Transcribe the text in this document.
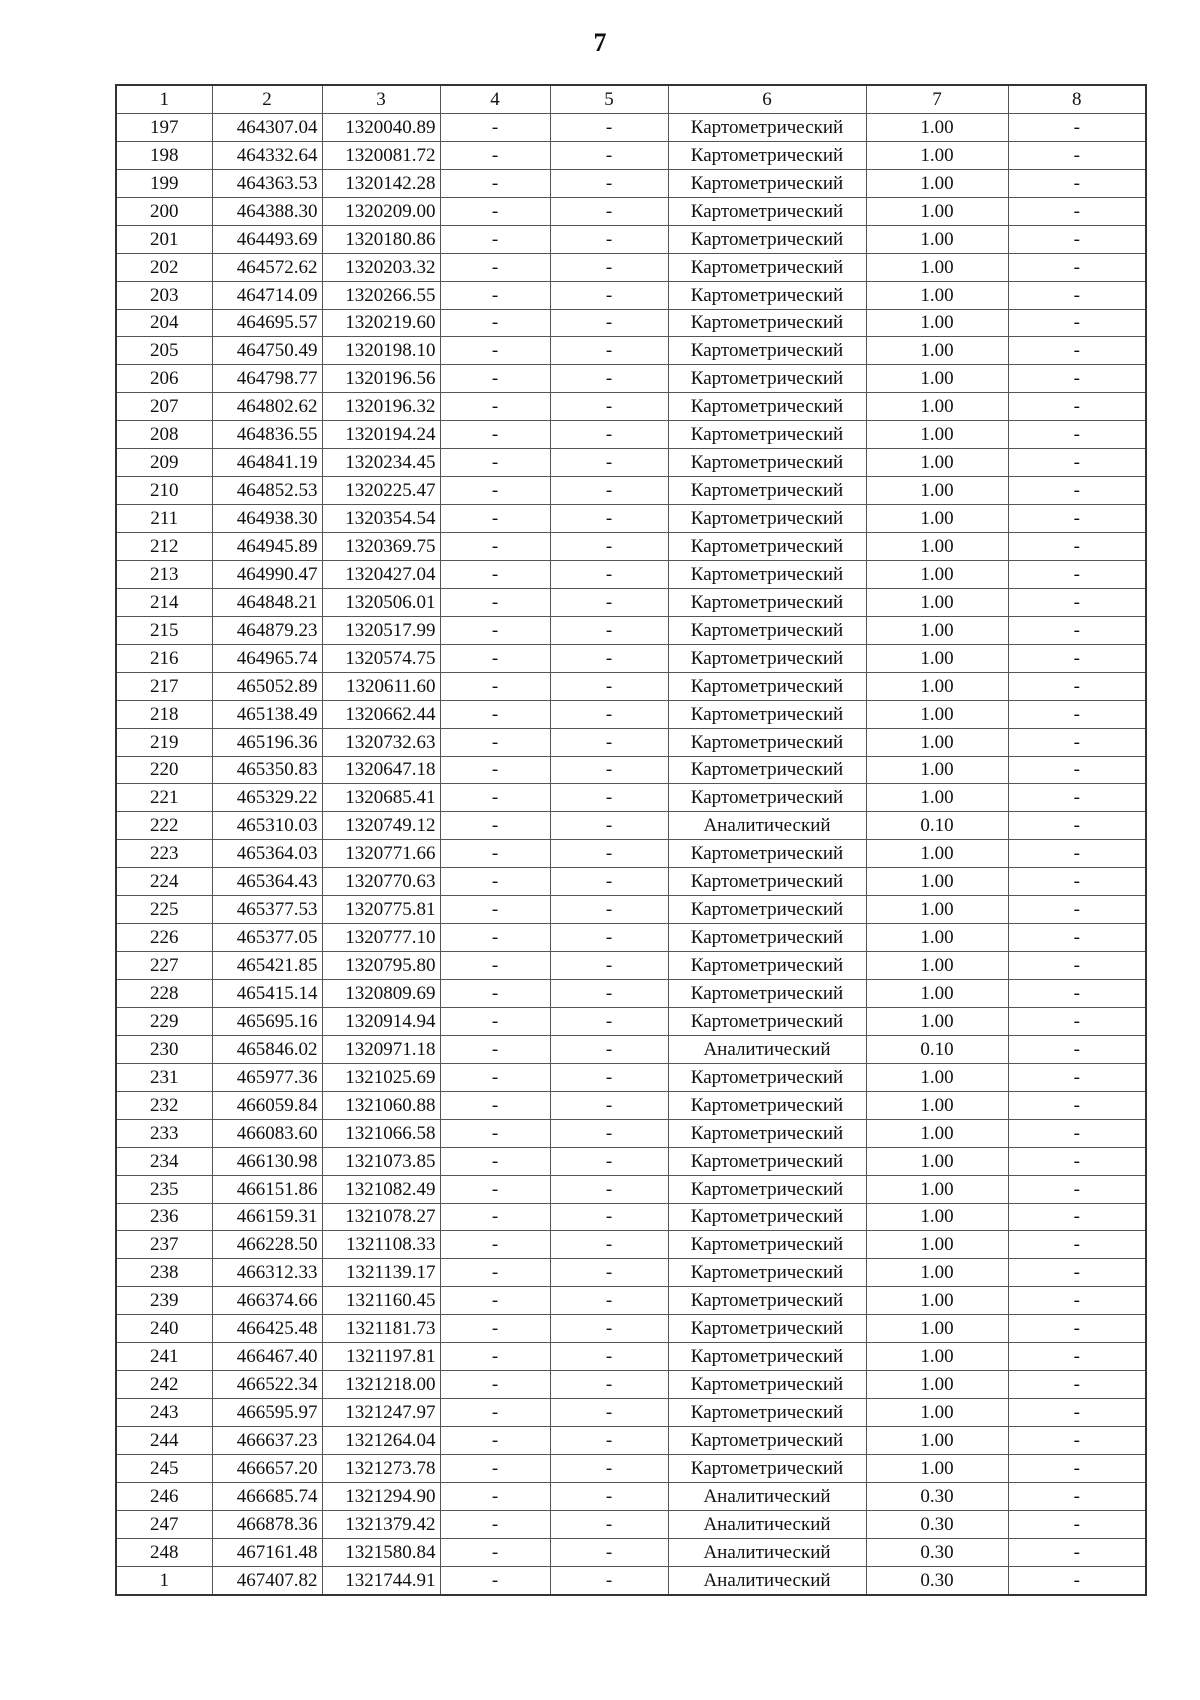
7
1	2	3	4	5	6	7	8
197	464307.04	1320040.89	-	-	Картометрический	1.00	-
198	464332.64	1320081.72	-	-	Картометрический	1.00	-
199	464363.53	1320142.28	-	-	Картометрический	1.00	-
200	464388.30	1320209.00	-	-	Картометрический	1.00	-
201	464493.69	1320180.86	-	-	Картометрический	1.00	-
202	464572.62	1320203.32	-	-	Картометрический	1.00	-
203	464714.09	1320266.55	-	-	Картометрический	1.00	-
204	464695.57	1320219.60	-	-	Картометрический	1.00	-
205	464750.49	1320198.10	-	-	Картометрический	1.00	-
206	464798.77	1320196.56	-	-	Картометрический	1.00	-
207	464802.62	1320196.32	-	-	Картометрический	1.00	-
208	464836.55	1320194.24	-	-	Картометрический	1.00	-
209	464841.19	1320234.45	-	-	Картометрический	1.00	-
210	464852.53	1320225.47	-	-	Картометрический	1.00	-
211	464938.30	1320354.54	-	-	Картометрический	1.00	-
212	464945.89	1320369.75	-	-	Картометрический	1.00	-
213	464990.47	1320427.04	-	-	Картометрический	1.00	-
214	464848.21	1320506.01	-	-	Картометрический	1.00	-
215	464879.23	1320517.99	-	-	Картометрический	1.00	-
216	464965.74	1320574.75	-	-	Картометрический	1.00	-
217	465052.89	1320611.60	-	-	Картометрический	1.00	-
218	465138.49	1320662.44	-	-	Картометрический	1.00	-
219	465196.36	1320732.63	-	-	Картометрический	1.00	-
220	465350.83	1320647.18	-	-	Картометрический	1.00	-
221	465329.22	1320685.41	-	-	Картометрический	1.00	-
222	465310.03	1320749.12	-	-	Аналитический	0.10	-
223	465364.03	1320771.66	-	-	Картометрический	1.00	-
224	465364.43	1320770.63	-	-	Картометрический	1.00	-
225	465377.53	1320775.81	-	-	Картометрический	1.00	-
226	465377.05	1320777.10	-	-	Картометрический	1.00	-
227	465421.85	1320795.80	-	-	Картометрический	1.00	-
228	465415.14	1320809.69	-	-	Картометрический	1.00	-
229	465695.16	1320914.94	-	-	Картометрический	1.00	-
230	465846.02	1320971.18	-	-	Аналитический	0.10	-
231	465977.36	1321025.69	-	-	Картометрический	1.00	-
232	466059.84	1321060.88	-	-	Картометрический	1.00	-
233	466083.60	1321066.58	-	-	Картометрический	1.00	-
234	466130.98	1321073.85	-	-	Картометрический	1.00	-
235	466151.86	1321082.49	-	-	Картометрический	1.00	-
236	466159.31	1321078.27	-	-	Картометрический	1.00	-
237	466228.50	1321108.33	-	-	Картометрический	1.00	-
238	466312.33	1321139.17	-	-	Картометрический	1.00	-
239	466374.66	1321160.45	-	-	Картометрический	1.00	-
240	466425.48	1321181.73	-	-	Картометрический	1.00	-
241	466467.40	1321197.81	-	-	Картометрический	1.00	-
242	466522.34	1321218.00	-	-	Картометрический	1.00	-
243	466595.97	1321247.97	-	-	Картометрический	1.00	-
244	466637.23	1321264.04	-	-	Картометрический	1.00	-
245	466657.20	1321273.78	-	-	Картометрический	1.00	-
246	466685.74	1321294.90	-	-	Аналитический	0.30	-
247	466878.36	1321379.42	-	-	Аналитический	0.30	-
248	467161.48	1321580.84	-	-	Аналитический	0.30	-
1	467407.82	1321744.91	-	-	Аналитический	0.30	-
